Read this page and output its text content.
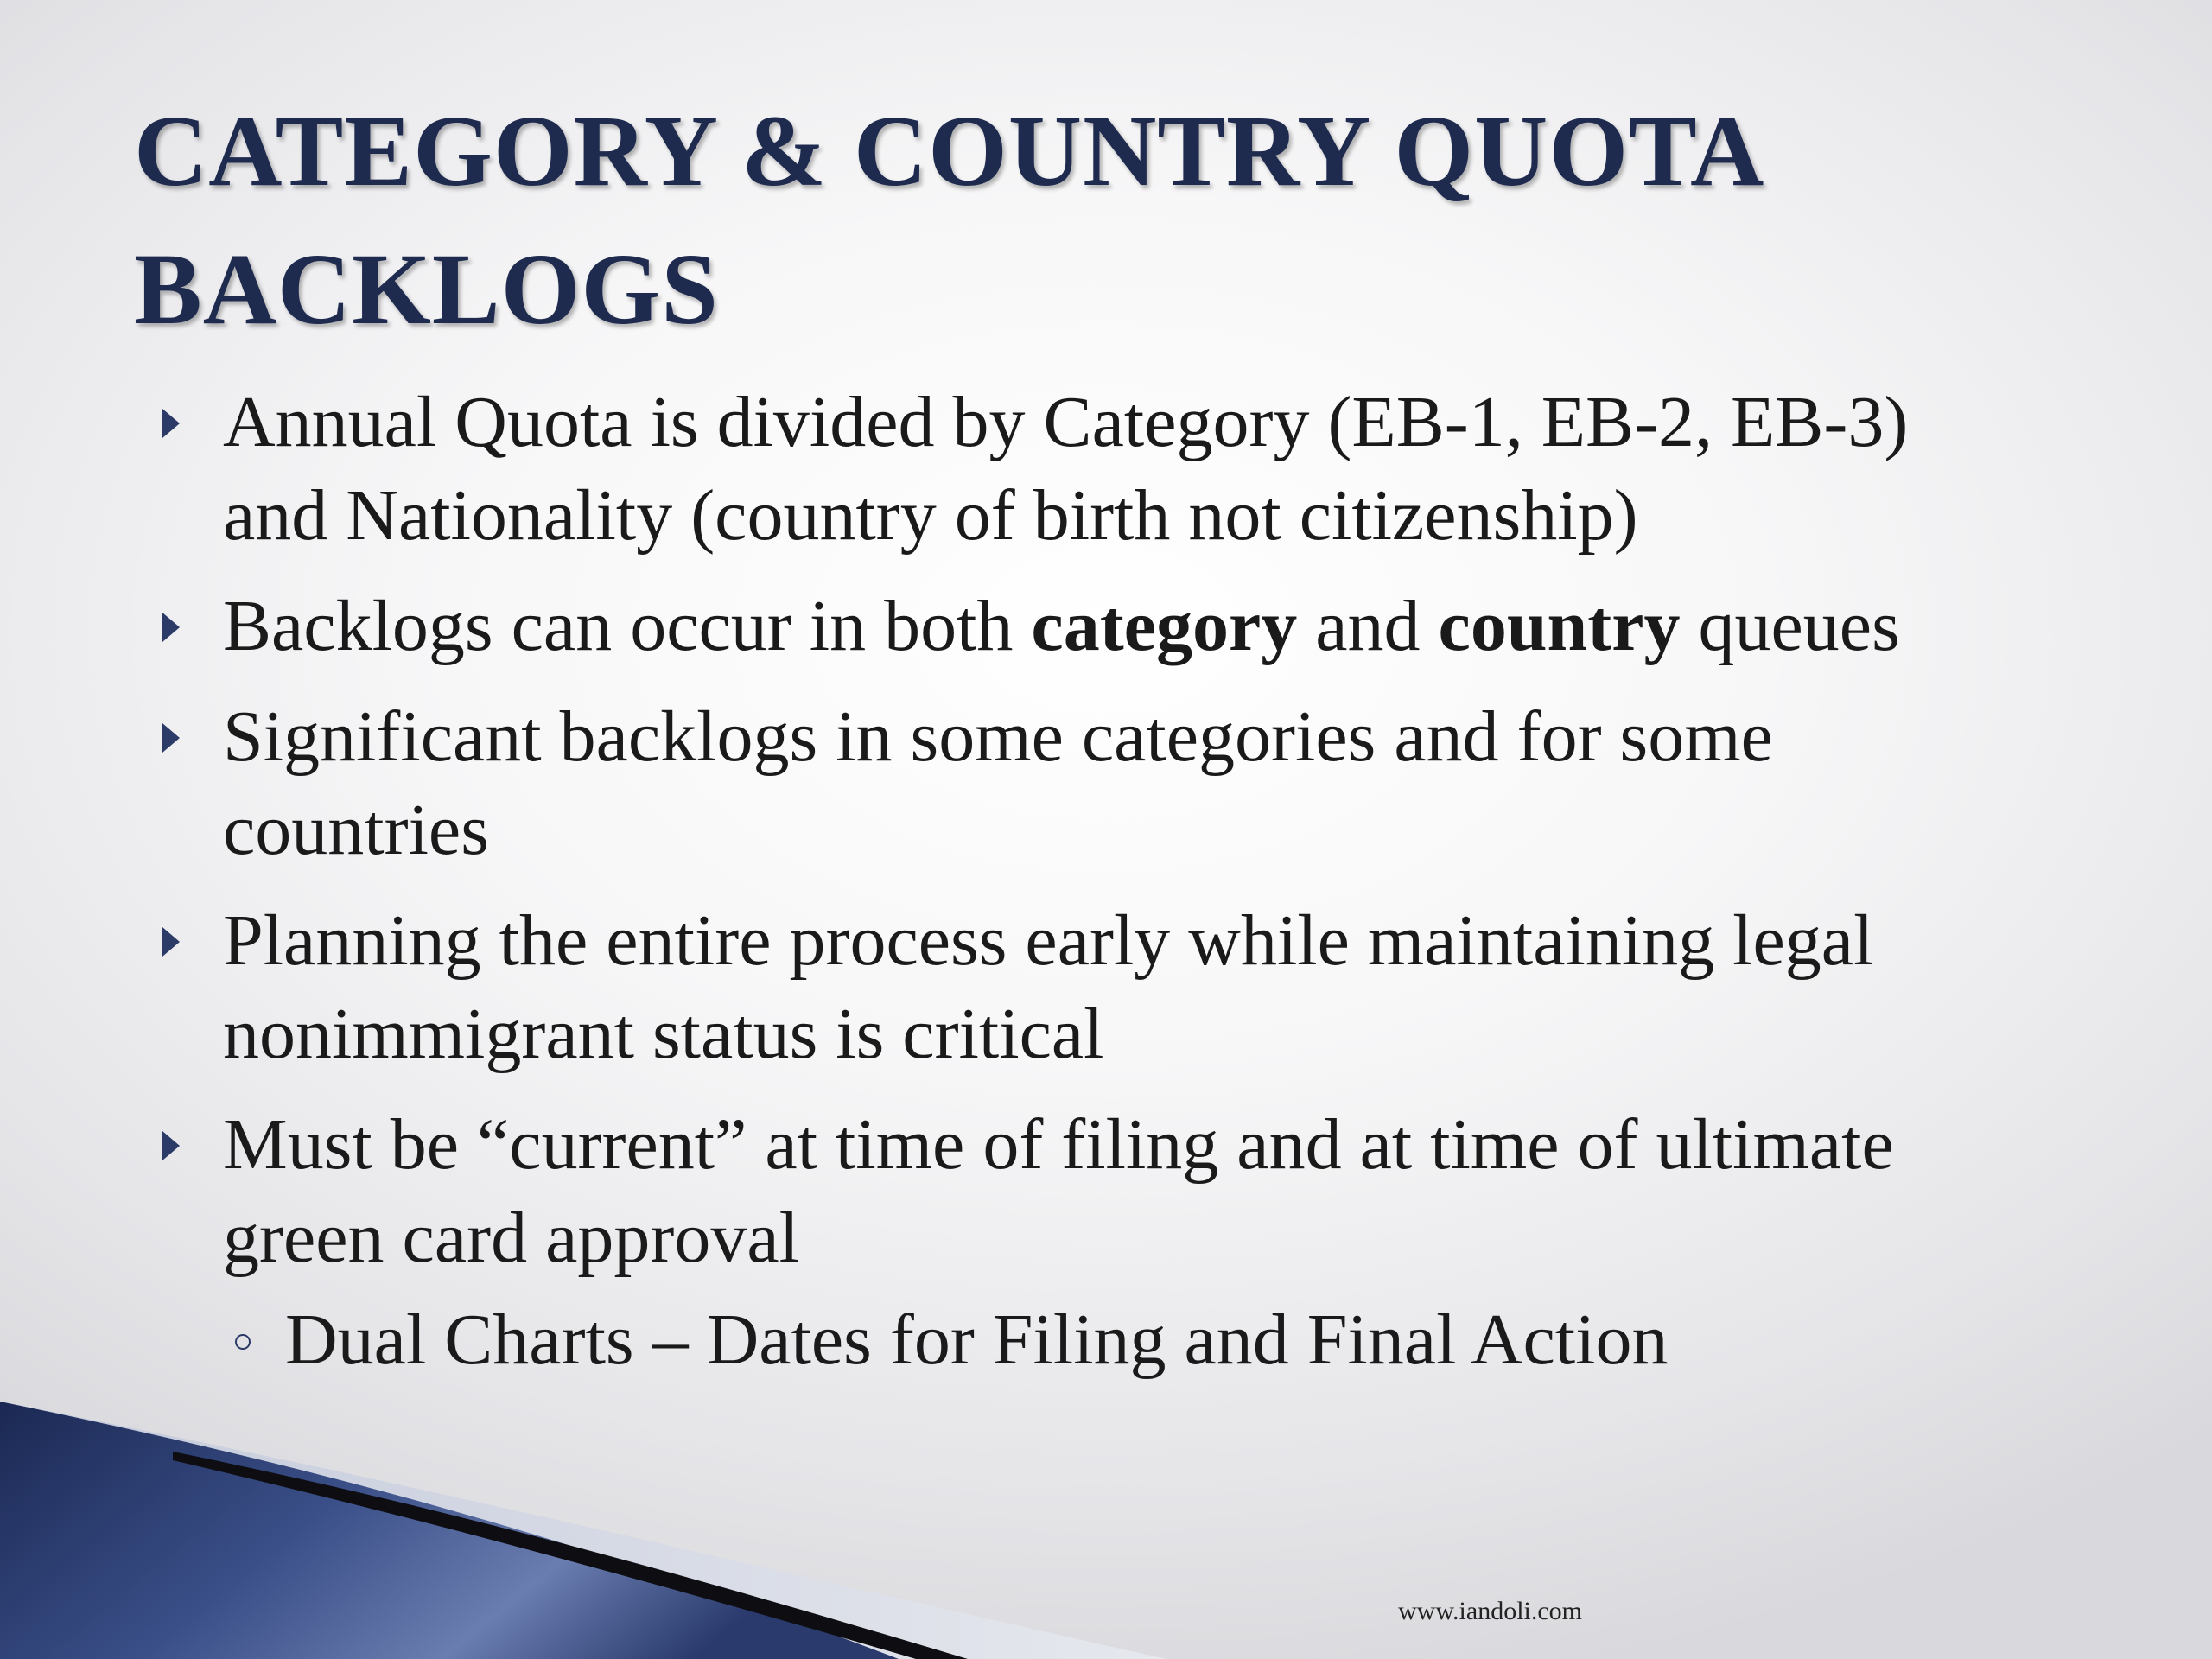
CATEGORY & COUNTRY QUOTA
BACKLOGS
Annual Quota is divided by Category (EB-1, EB-2, EB-3)
and Nationality (country of birth not citizenship)
Backlogs can occur in both category and country queues
Significant backlogs in some categories and for some
countries
Planning the entire process early while maintaining legal
nonimmigrant status is critical
Must be “current” at time of filing and at time of ultimate
green card approval
Dual Charts – Dates for Filing and Final Action
www.iandoli.com
